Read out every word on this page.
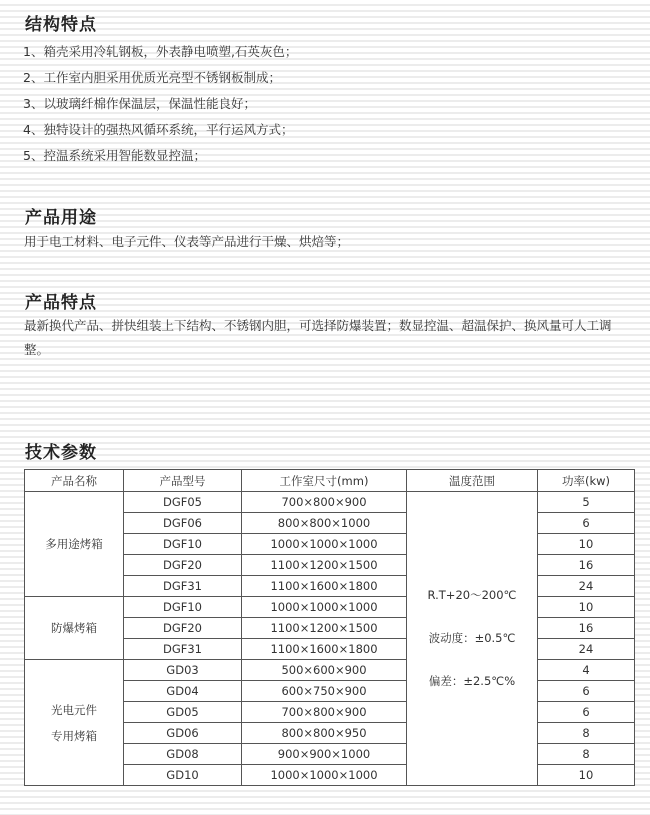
结构特点
1、箱壳采用冷轧钢板，外表静电喷塑,石英灰色；
2、工作室内胆采用优质光亮型不锈钢板制成；
3、以玻璃纤棉作保温层，保温性能良好；
4、独特设计的强热风循环系统，平行运风方式；
5、控温系统采用智能数显控温；
产品用途

用于电工材料、电子元件、仪表等产品进行干燥、烘焙等；

产品特点

最新换代产品、拼快组装上下结构、不锈钢内胆，可选择防爆装置；数显控温、超温保护、换风量可人工调整。

技术参数
产品名称	产品型号	工作室尺寸(mm)	温度范围	功率(kw)

多用途烤箱	DGF05	700×800×900	R.T+20～200℃
波动度：±0.5℃
偏差：±2.5℃%	5
	DGF06	800×800×1000		6
	DGF10	1000×1000×1000		10
	DGF20	1100×1200×1500		16
	DGF31	1100×1600×1800		24

防爆烤箱	DGF10	1000×1000×1000		10
	DGF20	1100×1200×1500		16
	DGF31	1100×1600×1800		24

光电元件
专用烤箱	GD03	500×600×900		4
	GD04	600×750×900		6
	GD05	700×800×900		6
	GD06	800×800×950		8
	GD08	900×900×1000		8
	GD10	1000×1000×1000		10
